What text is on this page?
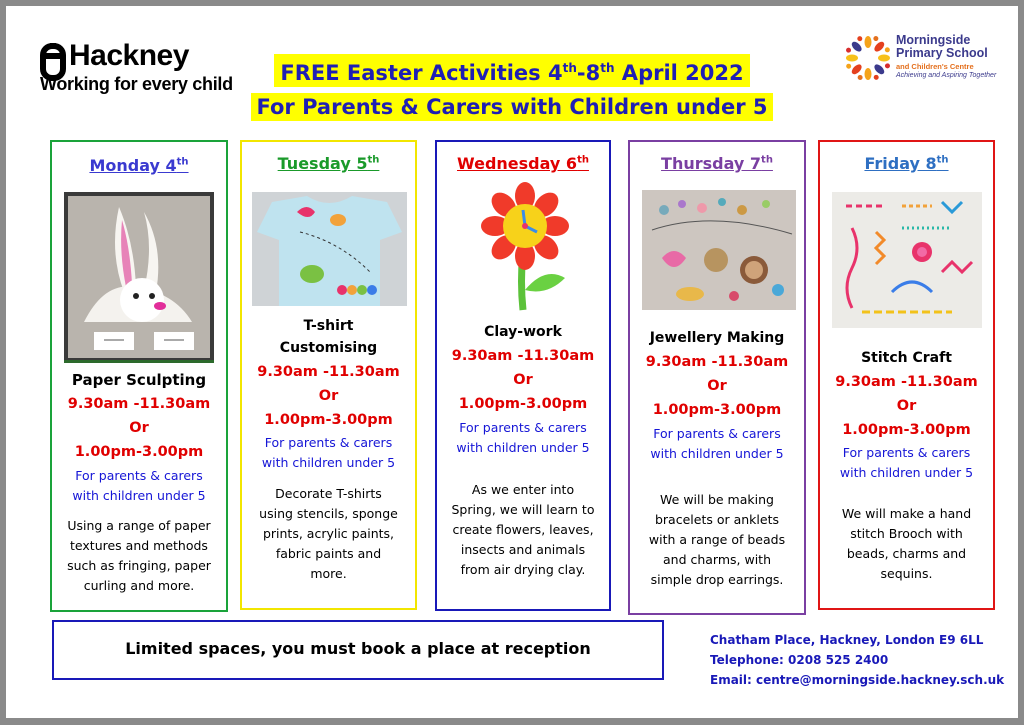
Hackney
Working for every child	FREE Easter Activities 4th-8th April 2022
For Parents & Carers with Children under 5
Morningside
Primary School
and Children's Centre
Achieving and Aspiring Together
Monday 4th
Paper Sculpting
9.30am -11.30am
Or
1.00pm-3.00pm
For parents & carers
with children under 5
Using a range of paper
textures and methods
such as fringing, paper
curling and more.
Tuesday 5th
T-shirt
Customising
9.30am -11.30am
Or
1.00pm-3.00pm
For parents & carers
with children under 5
Decorate T-shirts
using stencils, sponge
prints, acrylic paints,
fabric paints and
more.
Wednesday 6th
Clay-work
9.30am -11.30am
Or
1.00pm-3.00pm
For parents & carers
with children under 5
As we enter into
Spring, we will learn to
create flowers, leaves,
insects and animals
from air drying clay.
Thursday 7th
Jewellery Making
9.30am -11.30am
Or
1.00pm-3.00pm
For parents & carers
with children under 5
We will be making
bracelets or anklets
with a range of beads
and charms, with
simple drop earrings.
Friday 8th
Stitch Craft
9.30am -11.30am
Or
1.00pm-3.00pm
For parents & carers
with children under 5
We will make a hand
stitch Brooch with
beads, charms and
sequins.
Limited spaces, you must book a place at reception	Chatham Place, Hackney, London E9 6LL
Telephone: 0208 525 2400
Email: centre@morningside.hackney.sch.uk
